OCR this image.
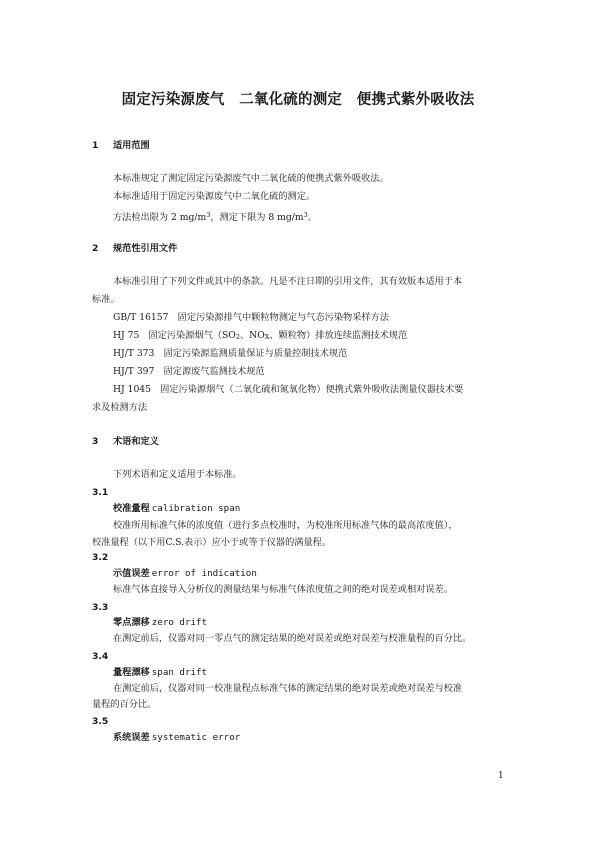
固定污染源废气　二氧化硫的测定　便携式紫外吸收法
1 适用范围
本标准规定了测定固定污染源废气中二氧化硫的便携式紫外吸收法。
本标准适用于固定污染源废气中二氧化硫的测定。
方法检出限为 2 $mg/m^3$，测定下限为 8 $mg/m^3$。
2 规范性引用文件
本标准引用了下列文件或其中的条款。凡是不注日期的引用文件，其有效版本适用于本
标准。
GB/T 16157　固定污染源排气中颗粒物测定与气态污染物采样方法
HJ 75　固定污染源烟气（$SO_2$、$NO_X$、颗粒物）排放连续监测技术规范
HJ/T 373　固定污染源监测质量保证与质量控制技术规范
HJ/T 397　固定源废气监测技术规范
HJ 1045　固定污染源烟气（二氧化硫和氮氧化物）便携式紫外吸收法测量仪器技术要
求及检测方法
3 术语和定义
下列术语和定义适用于本标准。
3.1
校准量程 calibration span
校准所用标准气体的浓度值（进行多点校准时，为校准所用标准气体的最高浓度值），
校准量程（以下用C.S.表示）应小于或等于仪器的满量程。
3.2
示值误差 error of indication
标准气体直接导入分析仪的测量结果与标准气体浓度值之间的绝对误差或相对误差。
3.3
零点漂移 zero drift
在测定前后，仪器对同一零点气的测定结果的绝对误差或绝对误差与校准量程的百分比。
3.4
量程漂移 span drift
在测定前后，仪器对同一校准量程点标准气体的测定结果的绝对误差或绝对误差与校准
量程的百分比。
3.5
系统误差 systematic error
1
